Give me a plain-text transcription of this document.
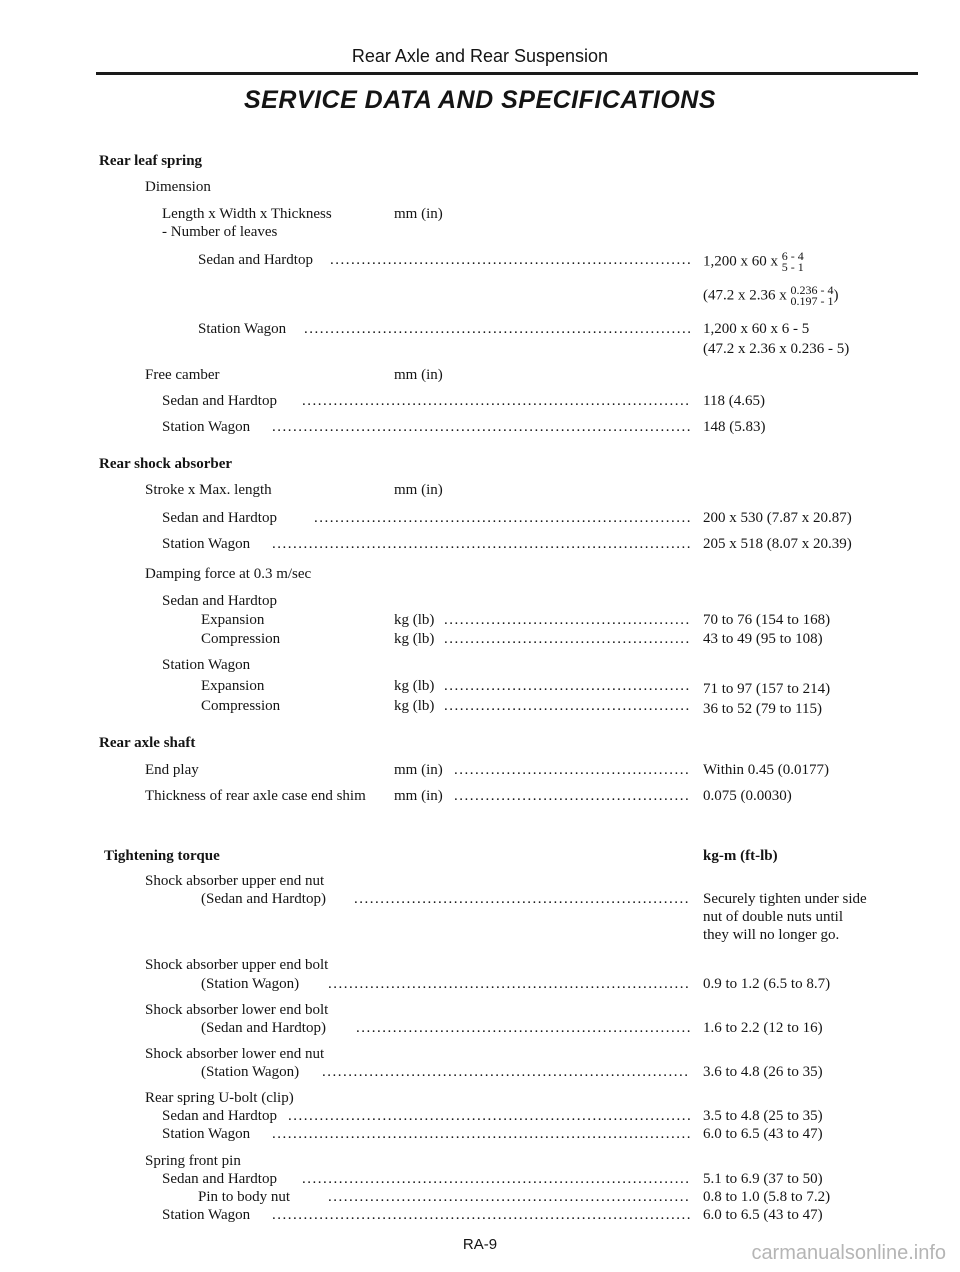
Rear Axle and Rear Suspension
SERVICE DATA AND SPECIFICATIONS
Rear leaf spring
Dimension
Length x Width x Thickness
- Number of leaves
mm (in)
Sedan and Hardtop .....	1,200 x 60 x 6 - 4
5 - 1
(47.2 x 2.36 x 0.236 - 4
0.197 - 1 )
Station Wagon .....	1,200 x 60 x 6 - 5
(47.2 x 2.36 x 0.236 - 5)
Free camber	mm (in)
Sedan and Hardtop .....	118 (4.65)
Station Wagon .....	148 (5.83)
Rear shock absorber
Stroke x Max. length	mm (in)
Sedan and Hardtop .....	200 x 530 (7.87 x 20.87)
Station Wagon .....	205 x 518 (8.07 x 20.39)
Damping force at 0.3 m/sec
Sedan and Hardtop
Expansion	kg (lb) .....	70 to 76 (154 to 168)
Compression	kg (lb) .....	43 to 49 (95 to 108)
Station Wagon
Expansion	kg (lb) .....	71 to 97 (157 to 214)
Compression	kg (lb) .....	36 to 52 (79 to 115)
Rear axle shaft
End play	mm (in) .....	Within 0.45 (0.0177)
Thickness of rear axle case end shim mm (in) .....	0.075 (0.0030)
Tightening torque	kg-m (ft-lb)
Shock absorber upper end nut
(Sedan and Hardtop) .....	Securely tighten under side
nut of double nuts until
they will no longer go.
Shock absorber upper end bolt
(Station Wagon) .....	0.9 to 1.2 (6.5 to 8.7)
Shock absorber lower end bolt
(Sedan and Hardtop) .....	1.6 to 2.2 (12 to 16)
Shock absorber lower end nut
(Station Wagon) .....	3.6 to 4.8 (26 to 35)
Rear spring U-bolt (clip)
Sedan and Hardtop .....	3.5 to 4.8 (25 to 35)
Station Wagon .....	6.0 to 6.5 (43 to 47)
Spring front pin
Sedan and Hardtop .....	5.1 to 6.9 (37 to 50)
Pin to body nut .....	0.8 to 1.0 (5.8 to 7.2)
Station Wagon .....	6.0 to 6.5 (43 to 47)
RA-9	carmanualsonline.info
